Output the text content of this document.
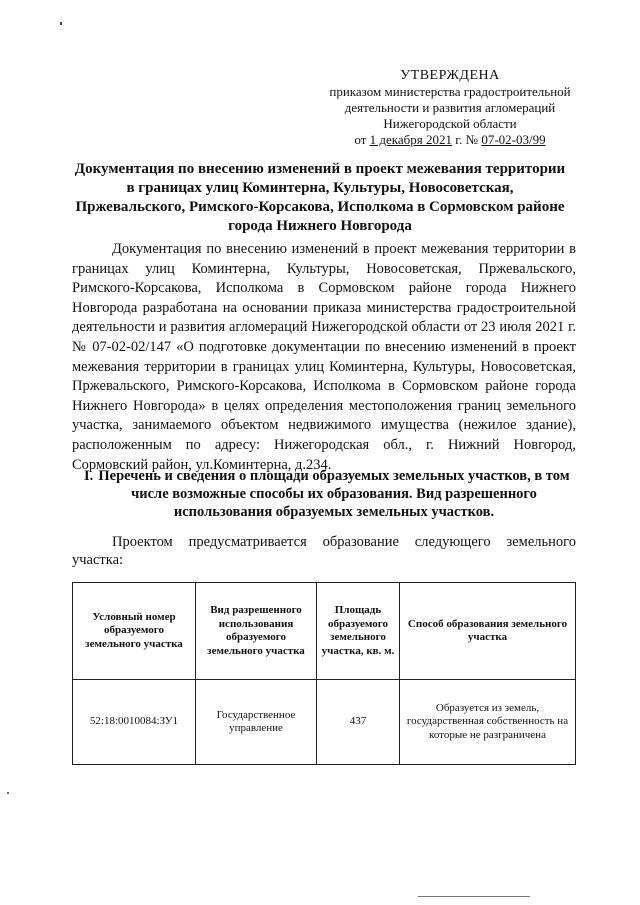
УТВЕРЖДЕНА
приказом министерства градостроительной
деятельности и развития агломераций
Нижегородской области
от 1 декабря 2021 г. № 07-02-03/99
Документация по внесению изменений в проект межевания территории в границах улиц Коминтерна, Культуры, Новосоветская, Пржевальского, Римского-Корсакова, Исполкома в Сормовском районе города Нижнего Новгорода

Документация по внесению изменений в проект межевания территории в границах улиц Коминтерна, Культуры, Новосоветская, Пржевальского, Римского-Корсакова, Исполкома в Сормовском районе города Нижнего Новгорода разработана на основании приказа министерства градостроительной деятельности и развития агломераций Нижегородской области от 23 июля 2021 г. № 07-02-02/147 «О подготовке документации по внесению изменений в проект межевания территории в границах улиц Коминтерна, Культуры, Новосоветская, Пржевальского, Римского-Корсакова, Исполкома в Сормовском районе города Нижнего Новгорода» в целях определения местоположения границ земельного участка, занимаемого объектом недвижимого имущества (нежилое здание), расположенным по адресу: Нижегородская обл., г. Нижний Новгород, Сормовский район, ул.Коминтерна, д.234.

I. Перечень и сведения о площади образуемых земельных участков, в том числе возможные способы их образования. Вид разрешенного использования образуемых земельных участков.

Проектом предусматривается образование следующего земельного участка:

Условный номер образуемого земельного участка	Вид разрешенного использования образуемого земельного участка	Площадь образуемого земельного участка, кв. м.	Способ образования земельного участка
52:18:0010084:ЗУ1	Государственное управление	437	Образуется из земель, государственная собственность на которые не разграничена
